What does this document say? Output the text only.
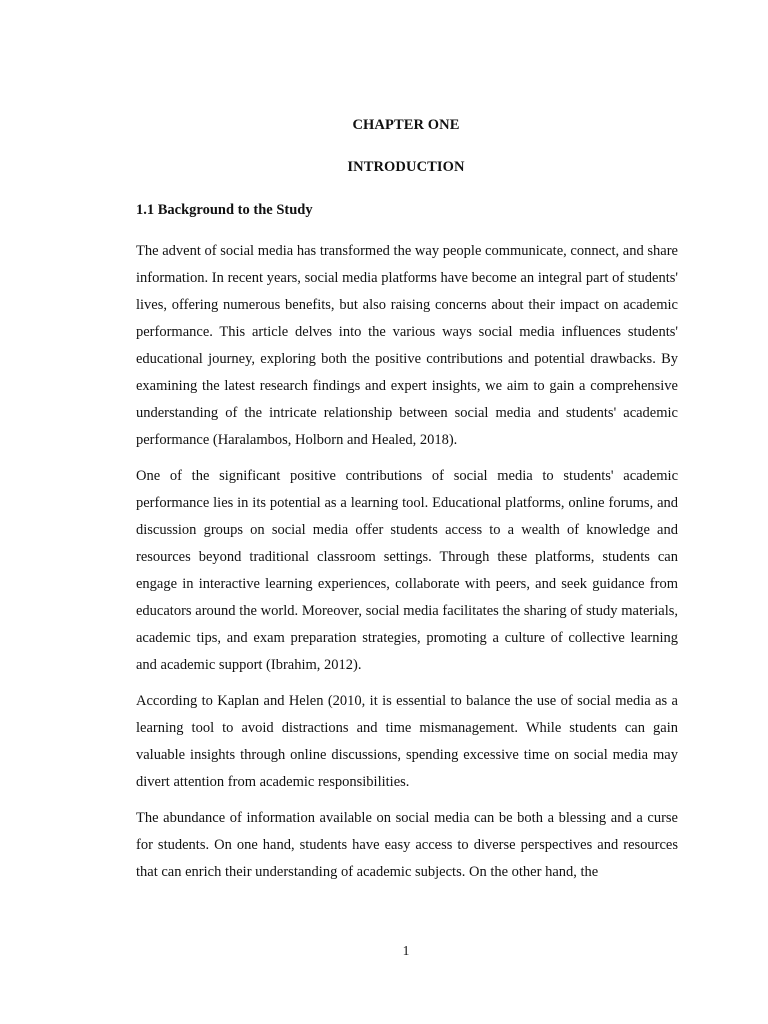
CHAPTER ONE
INTRODUCTION
1.1 Background to the Study
The advent of social media has transformed the way people communicate, connect, and share information. In recent years, social media platforms have become an integral part of students' lives, offering numerous benefits, but also raising concerns about their impact on academic performance. This article delves into the various ways social media influences students' educational journey, exploring both the positive contributions and potential drawbacks. By examining the latest research findings and expert insights, we aim to gain a comprehensive understanding of the intricate relationship between social media and students' academic performance (Haralambos, Holborn and Healed, 2018).
One of the significant positive contributions of social media to students' academic performance lies in its potential as a learning tool. Educational platforms, online forums, and discussion groups on social media offer students access to a wealth of knowledge and resources beyond traditional classroom settings. Through these platforms, students can engage in interactive learning experiences, collaborate with peers, and seek guidance from educators around the world. Moreover, social media facilitates the sharing of study materials, academic tips, and exam preparation strategies, promoting a culture of collective learning and academic support (Ibrahim, 2012).
According to Kaplan and Helen (2010, it is essential to balance the use of social media as a learning tool to avoid distractions and time mismanagement. While students can gain valuable insights through online discussions, spending excessive time on social media may divert attention from academic responsibilities.
The abundance of information available on social media can be both a blessing and a curse for students. On one hand, students have easy access to diverse perspectives and resources that can enrich their understanding of academic subjects. On the other hand, the
1
